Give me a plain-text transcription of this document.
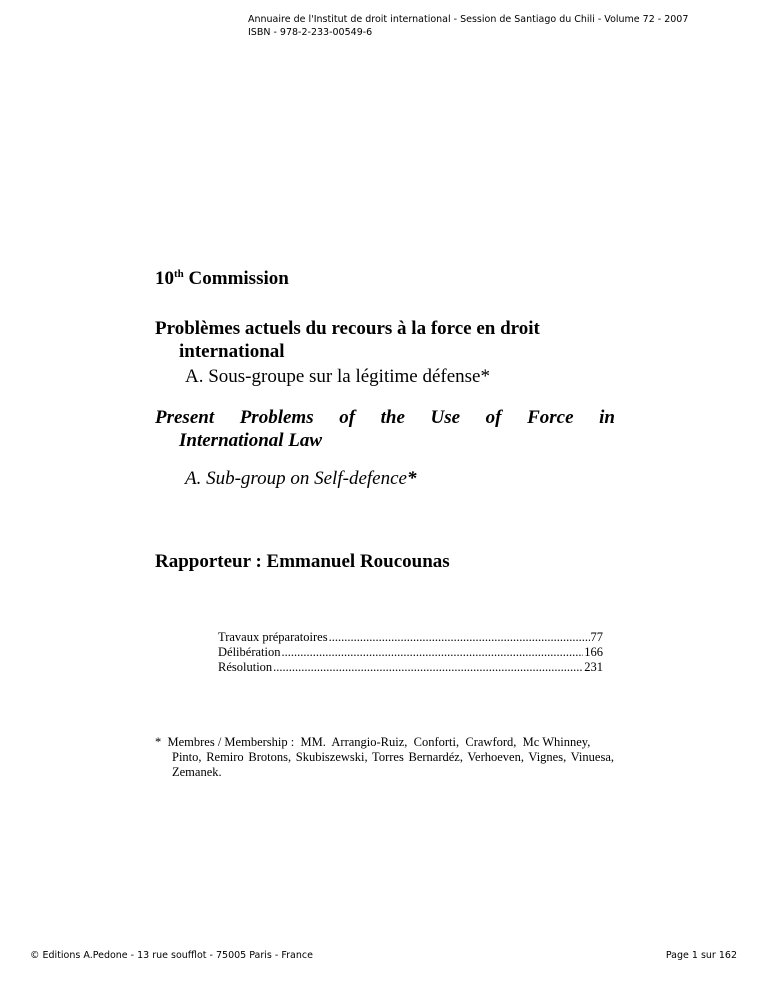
Annuaire de l'Institut de droit international - Session de Santiago du Chili - Volume 72 - 2007
ISBN - 978-2-233-00549-6
10th Commission
Problèmes actuels du recours à la force en droit
international
A. Sous-groupe sur la légitime défense*
Present Problems of the Use of Force in
International Law
A. Sub-group on Self-defence*
Rapporteur : Emmanuel Roucounas
Travaux préparatoires .....	77
Délibération .....	166
Résolution .....	231
*  Membres / Membership :  MM.  Arrangio-Ruiz,  Conforti,  Crawford,  Mc Whinney,
Pinto, Remiro Brotons, Skubiszewski, Torres Bernardéz, Verhoeven, Vignes, Vinuesa, Zemanek.
© Editions A.Pedone - 13 rue soufflot - 75005 Paris - France	Page 1 sur 162
